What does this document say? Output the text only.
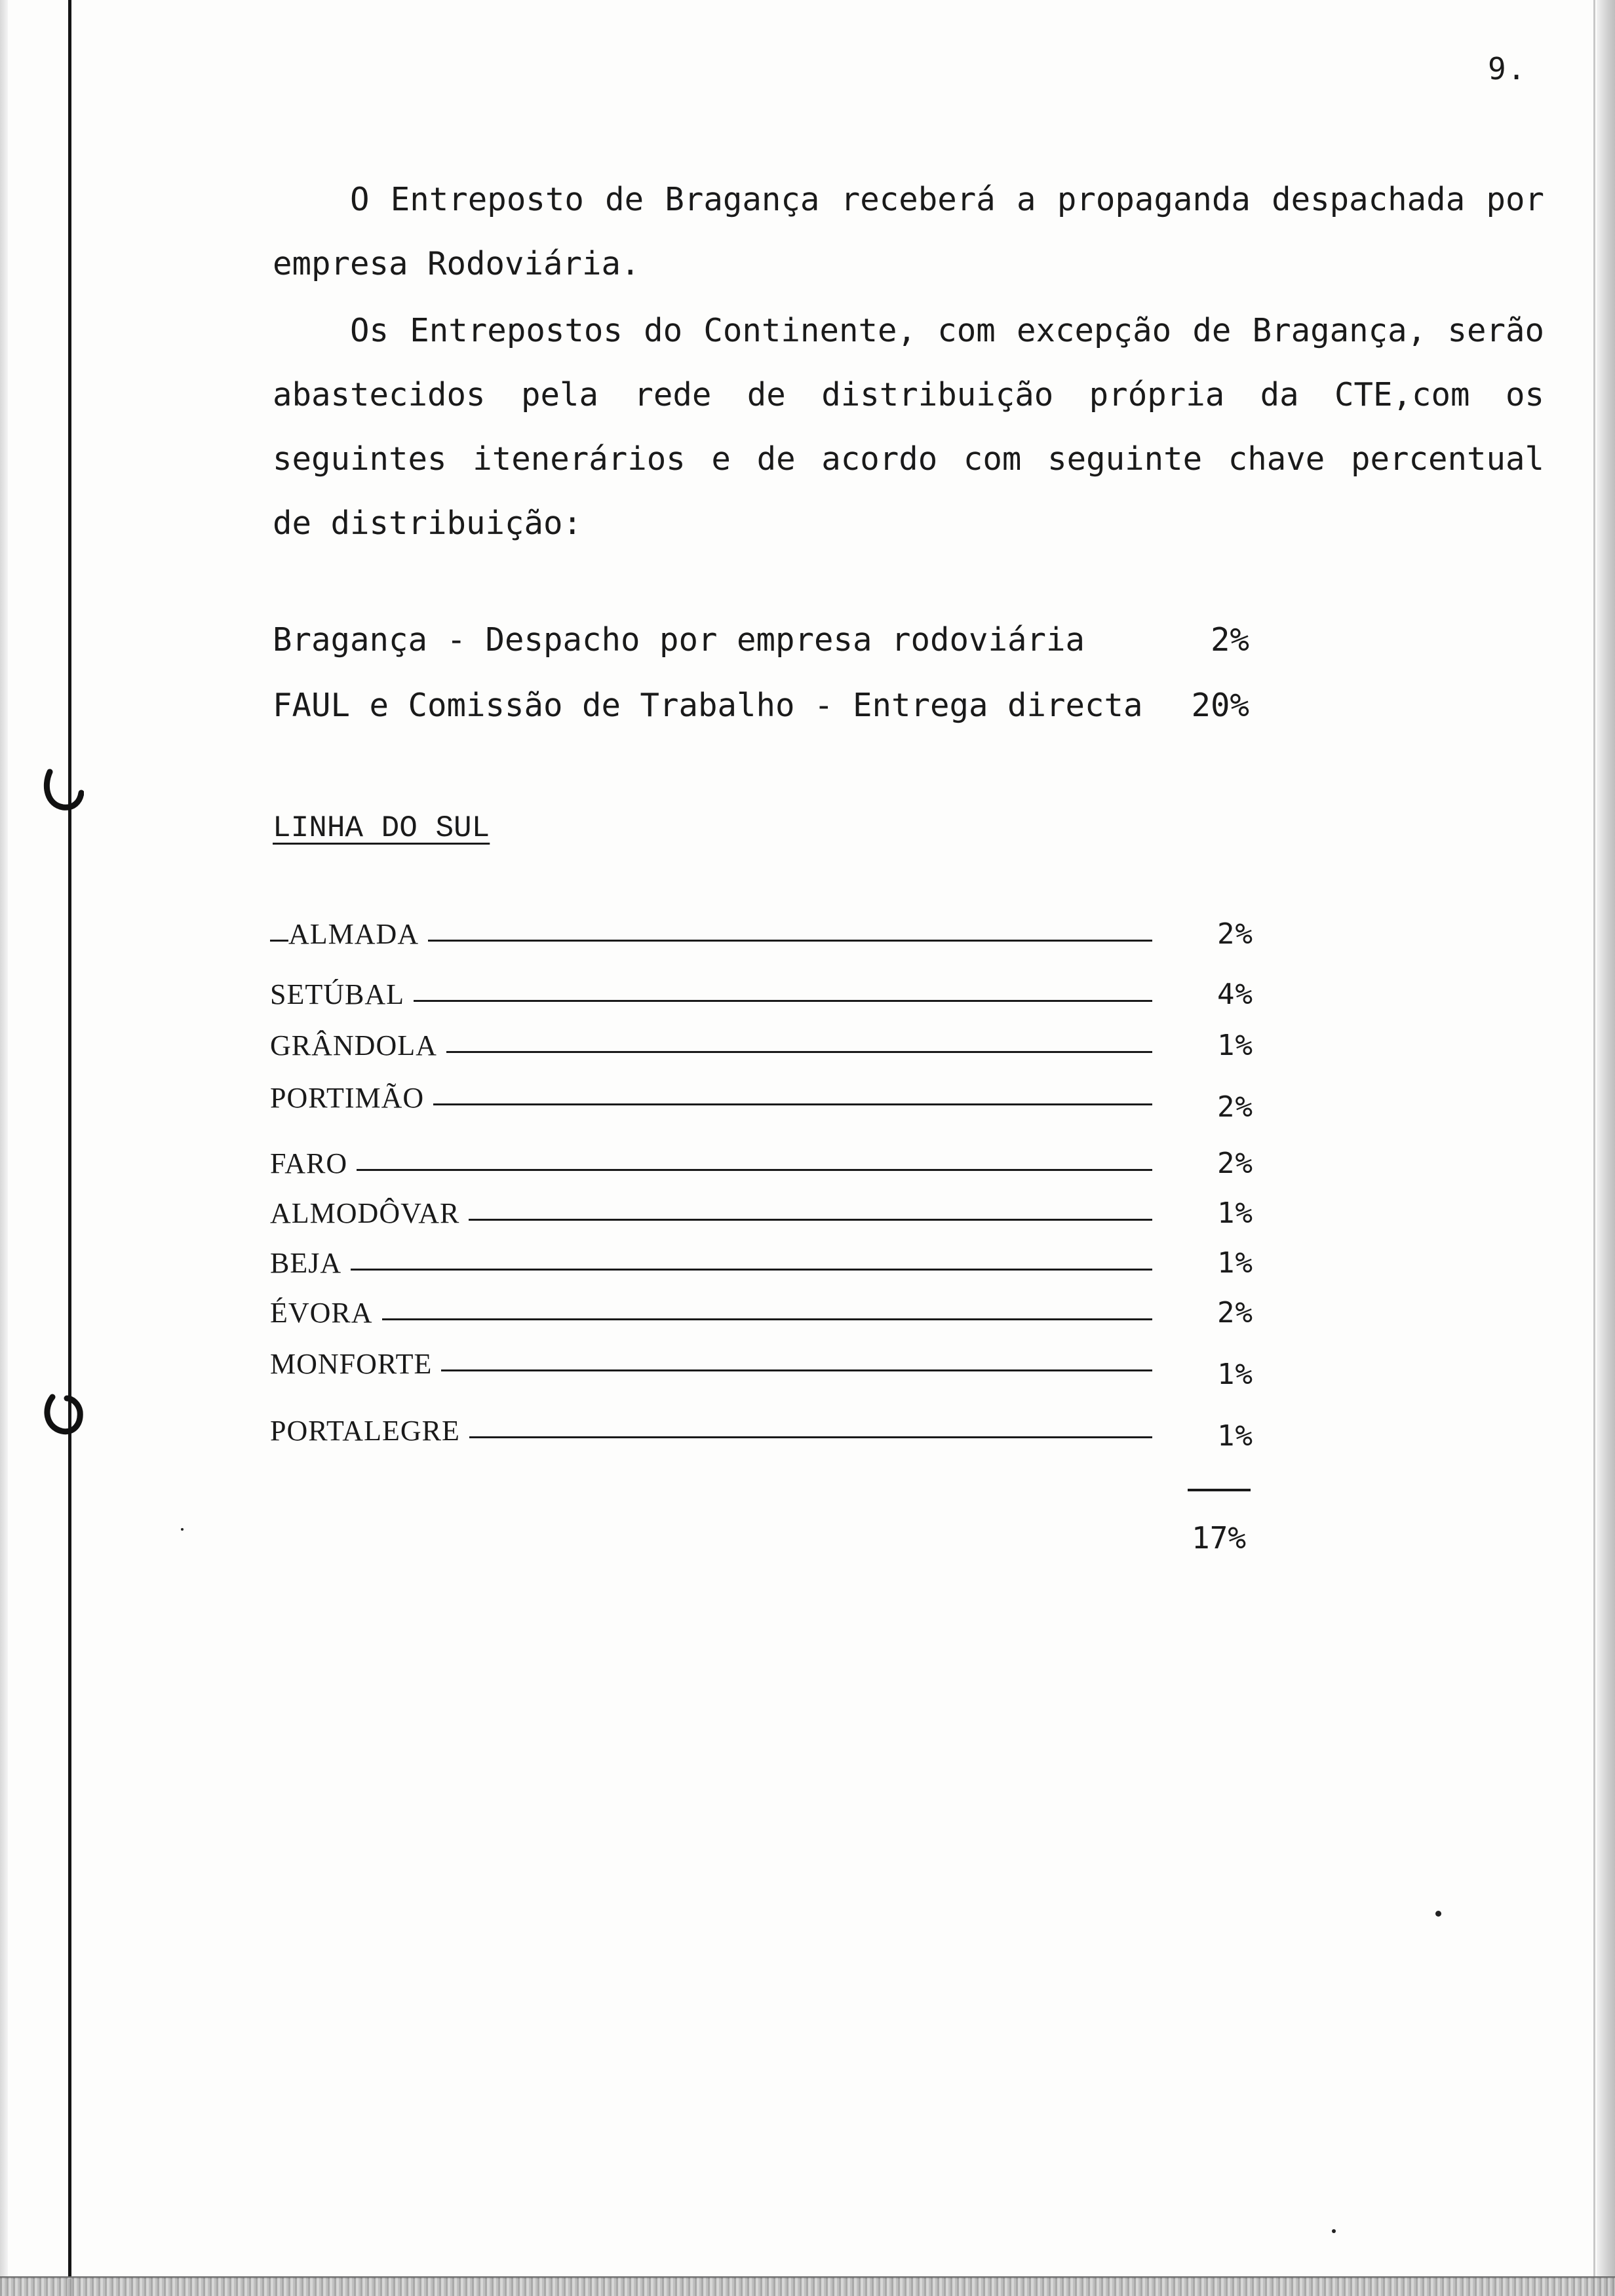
9.
O Entreposto de Bragança receberá a propaganda despachada por empresa Rodoviária.
Os Entrepostos do Continente, com excepção de Bragança, serão abastecidos pela rede de distribuição própria da CTE,com os seguintes itenerários e de acordo com seguinte chave percentual de distribuição:
Bragança - Despacho por empresa rodoviária	2%
FAUL e Comissão de Trabalho - Entrega directa 20%
LINHA DO SUL
ALMADA	2%
SETÚBAL	4%
GRÂNDOLA	1%
PORTIMÃO	2%
FARO	2%
ALMODÔVAR	1%
BEJA	1%
ÉVORA	2%
MONFORTE	1%
PORTALEGRE	1%
17%
